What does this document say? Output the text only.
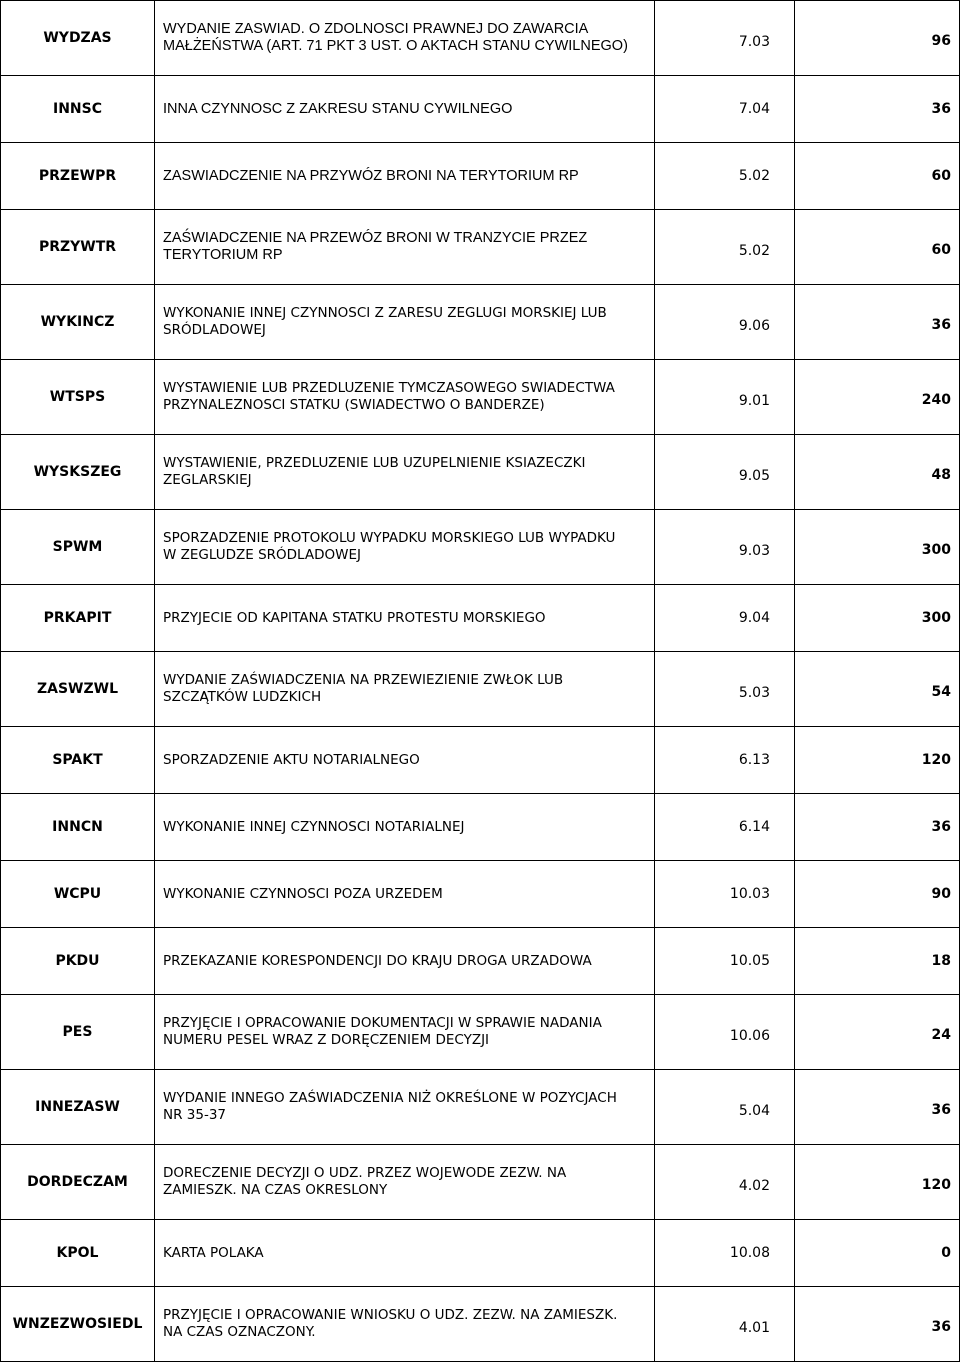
WYDZAS	WYDANIE ZASWIAD. O ZDOLNOSCI PRAWNEJ DO ZAWARCIA
MAŁŻEŃSTWA (ART. 71 PKT 3 UST. O AKTACH STANU CYWILNEGO)	7.03	96
INNSC	INNA CZYNNOSC Z ZAKRESU STANU CYWILNEGO	7.04	36
PRZEWPR	ZASWIADCZENIE NA PRZYWÓZ BRONI NA TERYTORIUM RP	5.02	60
PRZYWTR	ZAŚWIADCZENIE NA PRZEWÓZ BRONI W TRANZYCIE PRZEZ
TERYTORIUM RP	5.02	60
WYKINCZ	WYKONANIE INNEJ CZYNNOSCI Z ZARESU ZEGLUGI MORSKIEJ LUB
SRÓDLADOWEJ	9.06	36
WTSPS	WYSTAWIENIE LUB PRZEDLUZENIE TYMCZASOWEGO SWIADECTWA
PRZYNALEZNOSCI STATKU (SWIADECTWO O BANDERZE)	9.01	240
WYSKSZEG	WYSTAWIENIE, PRZEDLUZENIE LUB UZUPELNIENIE KSIAZECZKI
ZEGLARSKIEJ	9.05	48
SPWM	SPORZADZENIE PROTOKOLU WYPADKU MORSKIEGO LUB WYPADKU
W ZEGLUDZE SRÓDLADOWEJ	9.03	300
PRKAPIT	PRZYJECIE OD KAPITANA STATKU PROTESTU MORSKIEGO	9.04	300
ZASWZWL	WYDANIE ZAŚWIADCZENIA NA PRZEWIEZIENIE ZWŁOK LUB
SZCZĄTKÓW LUDZKICH	5.03	54
SPAKT	SPORZADZENIE AKTU NOTARIALNEGO	6.13	120
INNCN	WYKONANIE INNEJ CZYNNOSCI NOTARIALNEJ	6.14	36
WCPU	WYKONANIE CZYNNOSCI POZA URZEDEM	10.03	90
PKDU	PRZEKAZANIE KORESPONDENCJI DO KRAJU DROGA URZADOWA	10.05	18
PES	PRZYJĘCIE I OPRACOWANIE DOKUMENTACJI W SPRAWIE NADANIA
NUMERU PESEL WRAZ Z DORĘCZENIEM DECYZJI	10.06	24
INNEZASW	WYDANIE INNEGO ZAŚWIADCZENIA NIŻ OKREŚLONE W POZYCJACH
NR 35-37	5.04	36
DORDECZAM	DORECZENIE DECYZJI O UDZ. PRZEZ WOJEWODE ZEZW. NA
ZAMIESZK. NA CZAS OKRESLONY	4.02	120
KPOL	KARTA POLAKA	10.08	0
WNZEZWOSIEDL	PRZYJĘCIE I OPRACOWANIE WNIOSKU O UDZ. ZEZW. NA ZAMIESZK.
NA CZAS OZNACZONY.	4.01	36
